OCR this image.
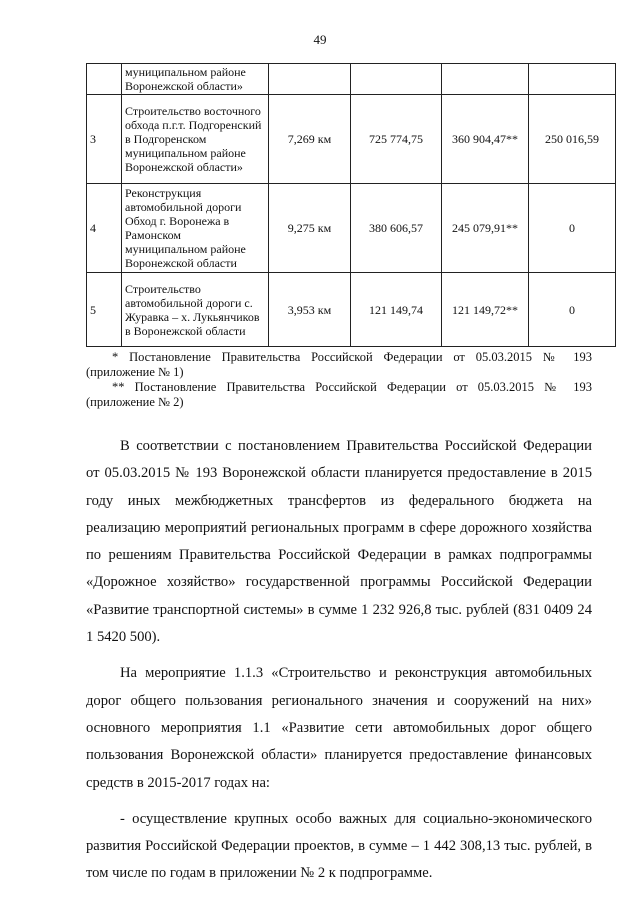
49
	муниципальном районе Воронежской области»				
3	Строительство восточного обхода п.г.т. Подгоренский в Подгоренском муниципальном районе Воронежской области»	7,269 км	725 774,75	360 904,47**	250 016,59
4	Реконструкция автомобильной дороги Обход г. Воронежа в Рамонском муниципальном районе Воронежской области	9,275 км	380 606,57	245 079,91**	0
5	Строительство автомобильной дороги с. Журавка – х. Лукьянчиков в Воронежской области	3,953 км	121 149,74	121 149,72**	0
* Постановление Правительства Российской Федерации от 05.03.2015 № 193
(приложение № 1)
** Постановление Правительства Российской Федерации от 05.03.2015 № 193
(приложение № 2)

В соответствии с постановлением Правительства Российской Федерации от 05.03.2015 № 193 Воронежской области планируется предоставление в 2015 году иных межбюджетных трансфертов из федерального бюджета на реализацию мероприятий региональных программ в сфере дорожного хозяйства по решениям Правительства Российской Федерации в рамках подпрограммы «Дорожное хозяйство» государственной программы Российской Федерации «Развитие транспортной системы» в сумме 1 232 926,8 тыс. рублей (831 0409 24 1 5420 500).

На мероприятие 1.1.3 «Строительство и реконструкция автомобильных дорог общего пользования регионального значения и сооружений на них» основного мероприятия 1.1 «Развитие сети автомобильных дорог общего пользования Воронежской области» планируется предоставление финансовых средств в 2015-2017 годах на:

- осуществление крупных особо важных для социально-экономического развития Российской Федерации проектов, в сумме – 1 442 308,13 тыс. рублей, в том числе по годам в приложении № 2 к подпрограмме.
